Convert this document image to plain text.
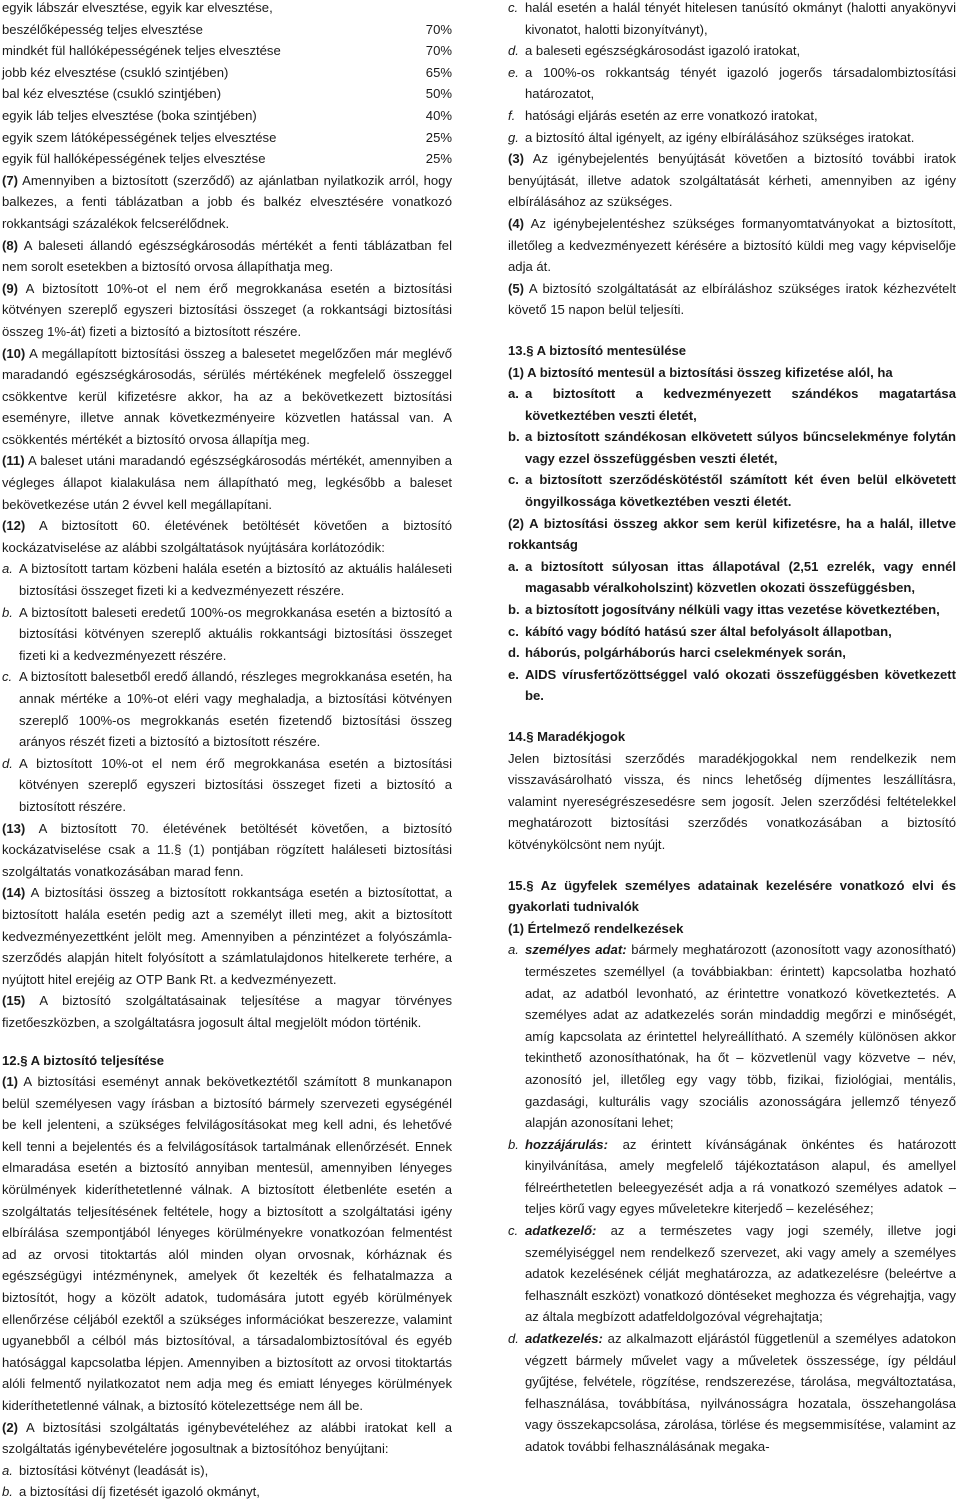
egyik lábszár elvesztése, egyik kar elvesztése,
beszélőképesség teljes elvesztése	70%
mindkét fül hallóképességének teljes elvesztése	70%
jobb kéz elvesztése (csukló szintjében)	65%
bal kéz elvesztése (csukló szintjében)	50%
egyik láb teljes elvesztése (boka szintjében)	40%
egyik szem látóképességének teljes elvesztése	25%
egyik fül hallóképességének teljes elvesztése	25%

(7) Amennyiben a biztosított (szerződő) az ajánlatban nyilatkozik arról, hogy balkezes, a fenti táblázatban a jobb és balkéz elvesztésére vonatkozó rokkantsági százalékok felcserélődnek.

(8) A baleseti állandó egészségkárosodás mértékét a fenti táblázatban fel nem sorolt esetekben a biztosító orvosa állapíthatja meg.

(9) A biztosított 10%-ot el nem érő megrokkanása esetén a biztosítási kötvényen szereplő egyszeri biztosítási összeget (a rokkantsági biztosítási összeg 1%-át) fizeti a biztosító a biztosított részére.

(10) A megállapított biztosítási összeg a balesetet megelőzően már meglévő maradandó egészségkárosodás, sérülés mértékének megfelelő összeggel csökkentve kerül kifizetésre akkor, ha az a bekövetkezett biztosítási eseményre, illetve annak következményeire közvetlen hatással van. A csökkentés mértékét a biztosító orvosa állapítja meg.

(11) A baleset utáni maradandó egészségkárosodás mértékét, amennyiben a végleges állapot kialakulása nem állapítható meg, legkésőbb a baleset bekövetkezése után 2 évvel kell megállapítani.

(12) A biztosított 60. életévének betöltését követően a biztosító kockázatviselése az alábbi szolgáltatások nyújtására korlátozódik:

a. A biztosított tartam közbeni halála esetén a biztosító az aktuális haláleseti biztosítási összeget fizeti ki a kedvezményezett részére.
b. A biztosított baleseti eredetű 100%-os megrokkanása esetén a biztosító a biztosítási kötvényen szereplő aktuális rokkantsági biztosítási összeget fizeti ki a kedvezményezett részére.
c. A biztosított balesetből eredő állandó, részleges megrokkanása esetén, ha annak mértéke a 10%-ot eléri vagy meghaladja, a biztosítási kötvényen szereplő 100%-os megrokkanás esetén fizetendő biztosítási összeg arányos részét fizeti a biztosító a biztosított részére.
d. A biztosított 10%-ot el nem érő megrokkanása esetén a biztosítási kötvényen szereplő egyszeri biztosítási összeget fizeti a biztosító a biztosított részére.

(13) A biztosított 70. életévének betöltését követően, a biztosító kockázatviselése csak a 11.§ (1) pontjában rögzített haláleseti biztosítási szolgáltatás vonatkozásában marad fenn.

(14) A biztosítási összeg a biztosított rokkantsága esetén a biztosítottat, a biztosított halála esetén pedig azt a személyt illeti meg, akit a biztosított kedvezményezettként jelölt meg. Amennyiben a pénzintézet a folyószámla-szerződés alapján hitelt folyósított a számlatulajdonos hitelkerete terhére, a nyújtott hitel erejéig az OTP Bank Rt. a kedvezményezett.

(15) A biztosító szolgáltatásainak teljesítése a magyar törvényes fizetőeszközben, a szolgáltatásra jogosult által megjelölt módon történik.

12.§ A biztosító teljesítése

(1) A biztosítási eseményt annak bekövetkeztétől számított 8 munkanapon belül személyesen vagy írásban a biztosító bármely szervezeti egységénél be kell jelenteni, a szükséges felvilágosításokat meg kell adni, és lehetővé kell tenni a bejelentés és a felvilágosítások tartalmának ellenőrzését. Ennek elmaradása esetén a biztosító annyiban mentesül, amennyiben lényeges körülmények kideríthetetlenné válnak. A biztosított életbenléte esetén a szolgáltatás teljesítésének feltétele, hogy a biztosított a szolgáltatási igény elbírálása szempontjából lényeges körülményekre vonatkozóan felmentést ad az orvosi titoktartás alól minden olyan orvosnak, kórháznak és egészségügyi intézménynek, amelyek őt kezelték és felhatalmazza a biztosítót, hogy a közölt adatok, tudomására jutott egyéb körülmények ellenőrzése céljából ezektől a szükséges információkat beszerezze, valamint ugyanebből a célból más biztosítóval, a társadalombiztosítóval és egyéb hatósággal kapcsolatba lépjen. Amennyiben a biztosított az orvosi titoktartás alóli felmentő nyilatkozatot nem adja meg és emiatt lényeges körülmények kideríthetetlenné válnak, a biztosító kötelezettsége nem áll be.

(2) A biztosítási szolgáltatás igénybevételéhez az alábbi iratokat kell a szolgáltatás igénybevételére jogosultnak a biztosítóhoz benyújtani:

a. biztosítási kötvényt (leadását is),
b. a biztosítási díj fizetését igazoló okmányt,
c. halál esetén a halál tényét hitelesen tanúsító okmányt (halotti anyakönyvi kivonatot, halotti bizonyítványt),
d. a baleseti egészségkárosodást igazoló iratokat,
e. a 100%-os rokkantság tényét igazoló jogerős társadalombiztosítási határozatot,
f. hatósági eljárás esetén az erre vonatkozó iratokat,
g. a biztosító által igényelt, az igény elbírálásához szükséges iratokat.

(3) Az igénybejelentés benyújtását követően a biztosító további iratok benyújtását, illetve adatok szolgáltatását kérheti, amennyiben az igény elbírálásához az szükséges.

(4) Az igénybejelentéshez szükséges formanyomtatványokat a biztosított, illetőleg a kedvezményezett kérésére a biztosító küldi meg vagy képviselője adja át.

(5) A biztosító szolgáltatását az elbíráláshoz szükséges iratok kézhezvételt követő 15 napon belül teljesíti.

13.§ A biztosító mentesülése

(1) A biztosító mentesül a biztosítási összeg kifizetése alól, ha

a. a biztosított a kedvezményezett szándékos magatartása következtében veszti életét,
b. a biztosított szándékosan elkövetett súlyos bűncselekménye folytán vagy ezzel összefüggésben veszti életét,
c. a biztosított szerződéskötéstől számított két éven belül elkövetett öngyilkossága következtében veszti életét.

(2) A biztosítási összeg akkor sem kerül kifizetésre, ha a halál, illetve rokkantság

a. a biztosított súlyosan ittas állapotával (2,51 ezrelék, vagy ennél magasabb véralkoholszint) közvetlen okozati összefüggésben,
b. a biztosított jogosítvány nélküli vagy ittas vezetése következtében,
c. kábító vagy bódító hatású szer által befolyásolt állapotban,
d. háborús, polgárháborús harci cselekmények során,
e. AIDS vírusfertőzöttséggel való okozati összefüggésben következett be.

14.§ Maradékjogok

Jelen biztosítási szerződés maradékjogokkal nem rendelkezik nem visszavásárolható vissza, és nincs lehetőség díjmentes leszállításra, valamint nyereségrészesedésre sem jogosít. Jelen szerződési feltételekkel meghatározott biztosítási szerződés vonatkozásában a biztosító kötvénykölcsönt nem nyújt.

15.§ Az ügyfelek személyes adatainak kezelésére vonatkozó elvi és gyakorlati tudnivalók

(1) Értelmező rendelkezések

a. személyes adat: bármely meghatározott (azonosított vagy azonosítható) természetes személlyel (a továbbiakban: érintett) kapcsolatba hozható adat, az adatból levonható, az érintettre vonatkozó következtetés. A személyes adat az adatkezelés során mindaddig megőrzi e minőségét, amíg kapcsolata az érintettel helyreállítható. A személy különösen akkor tekinthető azonosíthatónak, ha őt – közvetlenül vagy közvetve – név, azonosító jel, illetőleg egy vagy több, fizikai, fiziológiai, mentális, gazdasági, kulturális vagy szociális azonosságára jellemző tényező alapján azonosítani lehet;
b. hozzájárulás: az érintett kívánságának önkéntes és határozott kinyilvánítása, amely megfelelő tájékoztatáson alapul, és amellyel félreérthetetlen beleegyezését adja a rá vonatkozó személyes adatok – teljes körű vagy egyes műveletekre kiterjedő – kezeléséhez;
c. adatkezelő: az a természetes vagy jogi személy, illetve jogi személyiséggel nem rendelkező szervezet, aki vagy amely a személyes adatok kezelésének célját meghatározza, az adatkezelésre (beleértve a felhasznált eszközt) vonatkozó döntéseket meghozza és végrehajtja, vagy az általa megbízott adatfeldolgozóval végrehajtatja;
d. adatkezelés: az alkalmazott eljárástól függetlenül a személyes adatokon végzett bármely művelet vagy a műveletek összessége, így például gyűjtése, felvétele, rögzítése, rendszerezése, tárolása, megváltoztatása, felhasználása, továbbítása, nyilvánosságra hozatala, összehangolása vagy összekapcsolása, zárolása, törlése és megsemmisítése, valamint az adatok további felhasználásának megaka-
